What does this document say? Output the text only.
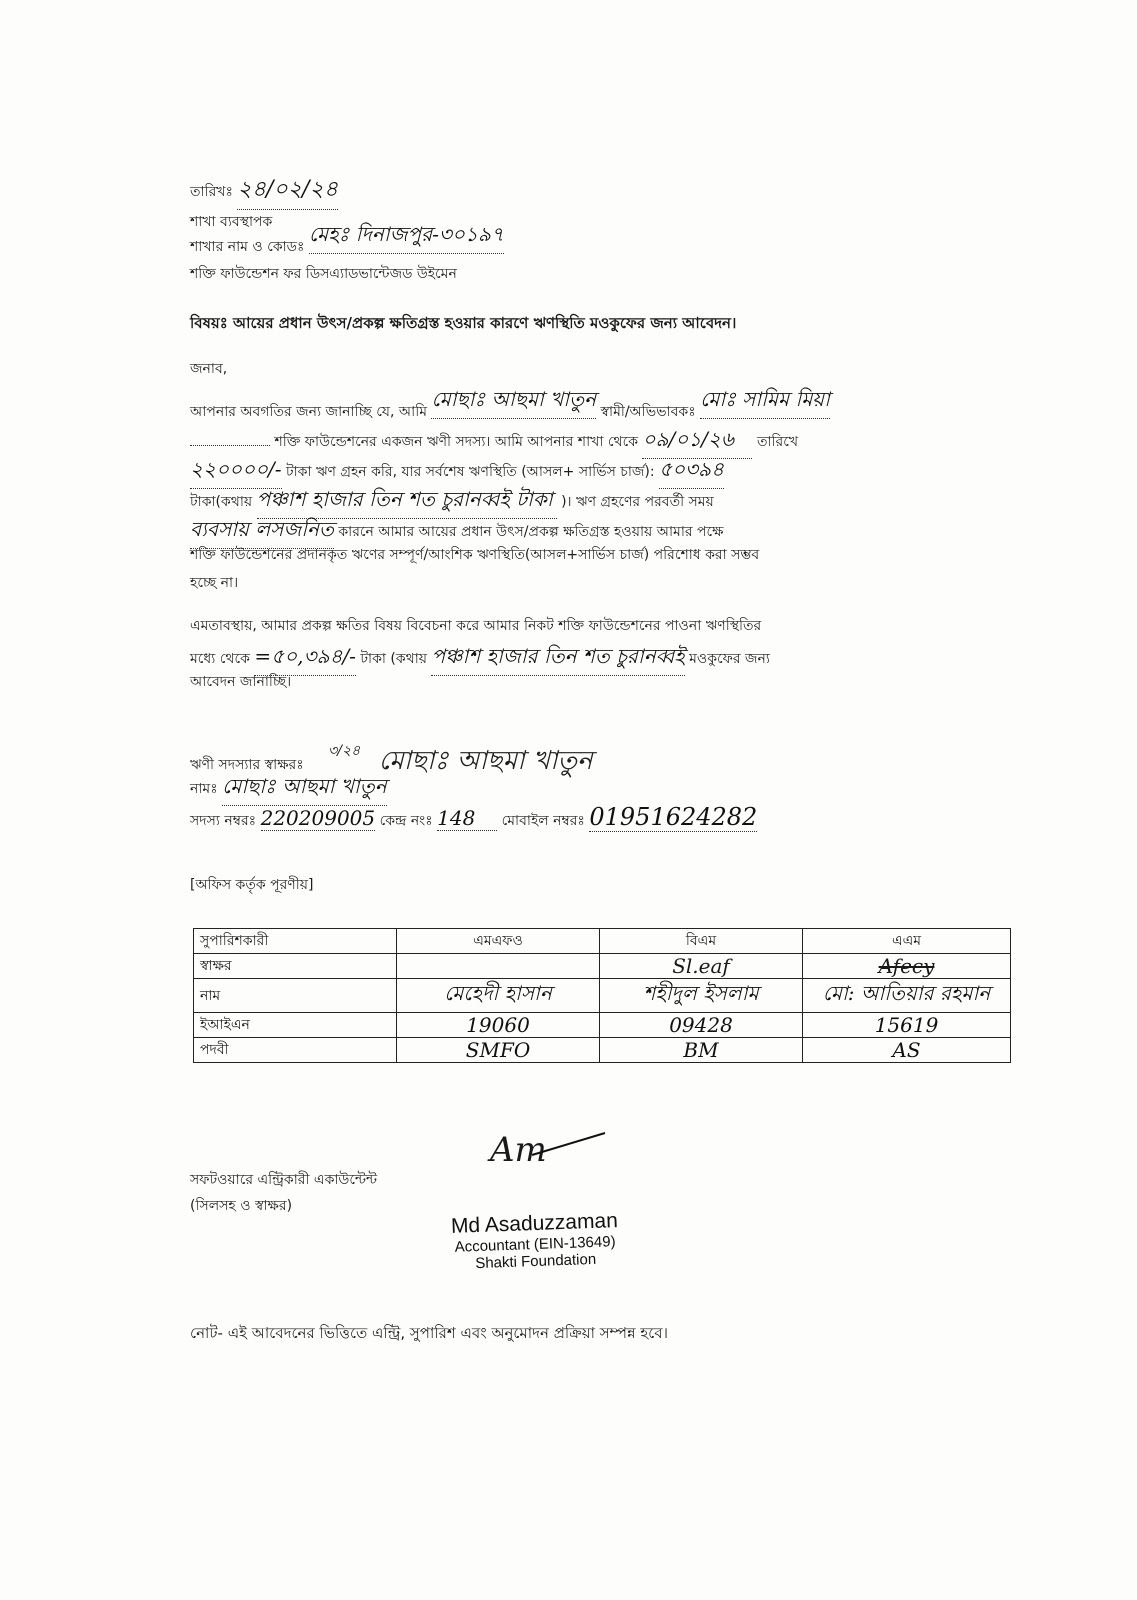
তারিখঃ ২৪/০২/২৪
শাখা ব্যবস্থাপক
শাখার নাম ও কোডঃ মেহঃ দিনাজপুর-৩০১৯৭
শক্তি ফাউন্ডেশন ফর ডিসএ্যাডভান্টেজড উইমেন
বিষয়ঃ আয়ের প্রধান উৎস/প্রকল্প ক্ষতিগ্রস্ত হওয়ার কারণে ঋণস্থিতি মওকুফের জন্য আবেদন।
জনাব,
আপনার অবগতির জন্য জানাচ্ছি যে, আমি মোছাঃ আছমা খাতুন স্বামী/অভিভাবকঃ মোঃ সামিম মিয়া
শক্তি ফাউন্ডেশনের একজন ঋণী সদস্য। আমি আপনার শাখা থেকে ০৯/০১/২৬ তারিখে
২২০০০০/- টাকা ঋণ গ্রহন করি, যার সর্বশেষ ঋণস্থিতি (আসল+ সার্ভিস চার্জ): ৫০৩৯৪
টাকা(কথায় পঞ্চাশ হাজার তিন শত চুরানব্বই টাকা )। ঋণ গ্রহণের পরবর্তী সময়
ব্যবসায় লসজনিত কারনে আমার আয়ের প্রধান উৎস/প্রকল্প ক্ষতিগ্রস্ত হওয়ায় আমার পক্ষে
শক্তি ফাউন্ডেশনের প্রদানকৃত ঋণের সম্পূর্ণ/আংশিক ঋণস্থিতি(আসল+সার্ভিস চার্জ) পরিশোধ করা সম্ভব
হচ্ছে না।
এমতাবস্থায়, আমার প্রকল্প ক্ষতির বিষয় বিবেচনা করে আমার নিকট শক্তি ফাউন্ডেশনের পাওনা ঋণস্থিতির
মধ্যে থেকে =৫০,৩৯৪/- টাকা (কথায় পঞ্চাশ হাজার তিন শত চুরানব্বই মওকুফের জন্য
আবেদন জানাচ্ছি।
ঋণী সদস্যার স্বাক্ষরঃ ৩/২৪ মোছাঃ আছমা খাতুন
নামঃ মোছাঃ আছমা খাতুন
সদস্য নম্বরঃ 220209005 কেন্দ্র নংঃ 148 মোবাইল নম্বরঃ 01951624282
[অফিস কর্তৃক পূরণীয়]
সুপারিশকারী	এমএফও	বিএম	এএম
স্বাক্ষর		Sl.eaf	Afecy
নাম	মেহেদী হাসান	শহীদুল ইসলাম	মো: আতিয়ার রহমান
ইআইএন	19060	09428	15619
পদবী	SMFO	BM	AS
সফটওয়ারে এন্ট্রিকারী একাউন্টেন্ট
(সিলসহ ও স্বাক্ষর)
Am
Md Asaduzzaman
Accountant (EIN-13649)
Shakti Foundation
নোট- এই আবেদনের ভিত্তিতে এন্ট্রি, সুপারিশ এবং অনুমোদন প্রক্রিয়া সম্পন্ন হবে।
